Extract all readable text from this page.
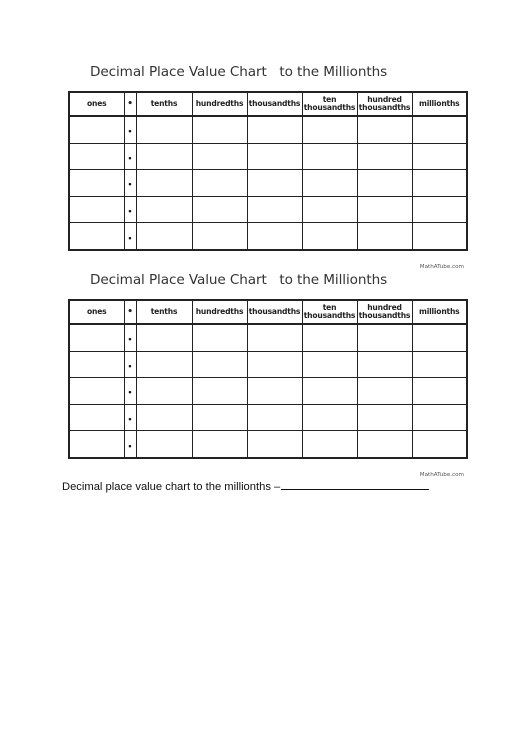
Decimal Place Value Chart   to the Millionths
ones	•	tenths	hundredths	thousandths	ten thousandths	hundred thousandths	millionths
	•						
	•						
	•						
	•						
	•						
MathATube.com
Decimal Place Value Chart   to the Millionths
ones	•	tenths	hundredths	thousandths	ten thousandths	hundred thousandths	millionths
	•						
	•						
	•						
	•						
	•						
MathATube.com
Decimal place value chart to the millionths –
